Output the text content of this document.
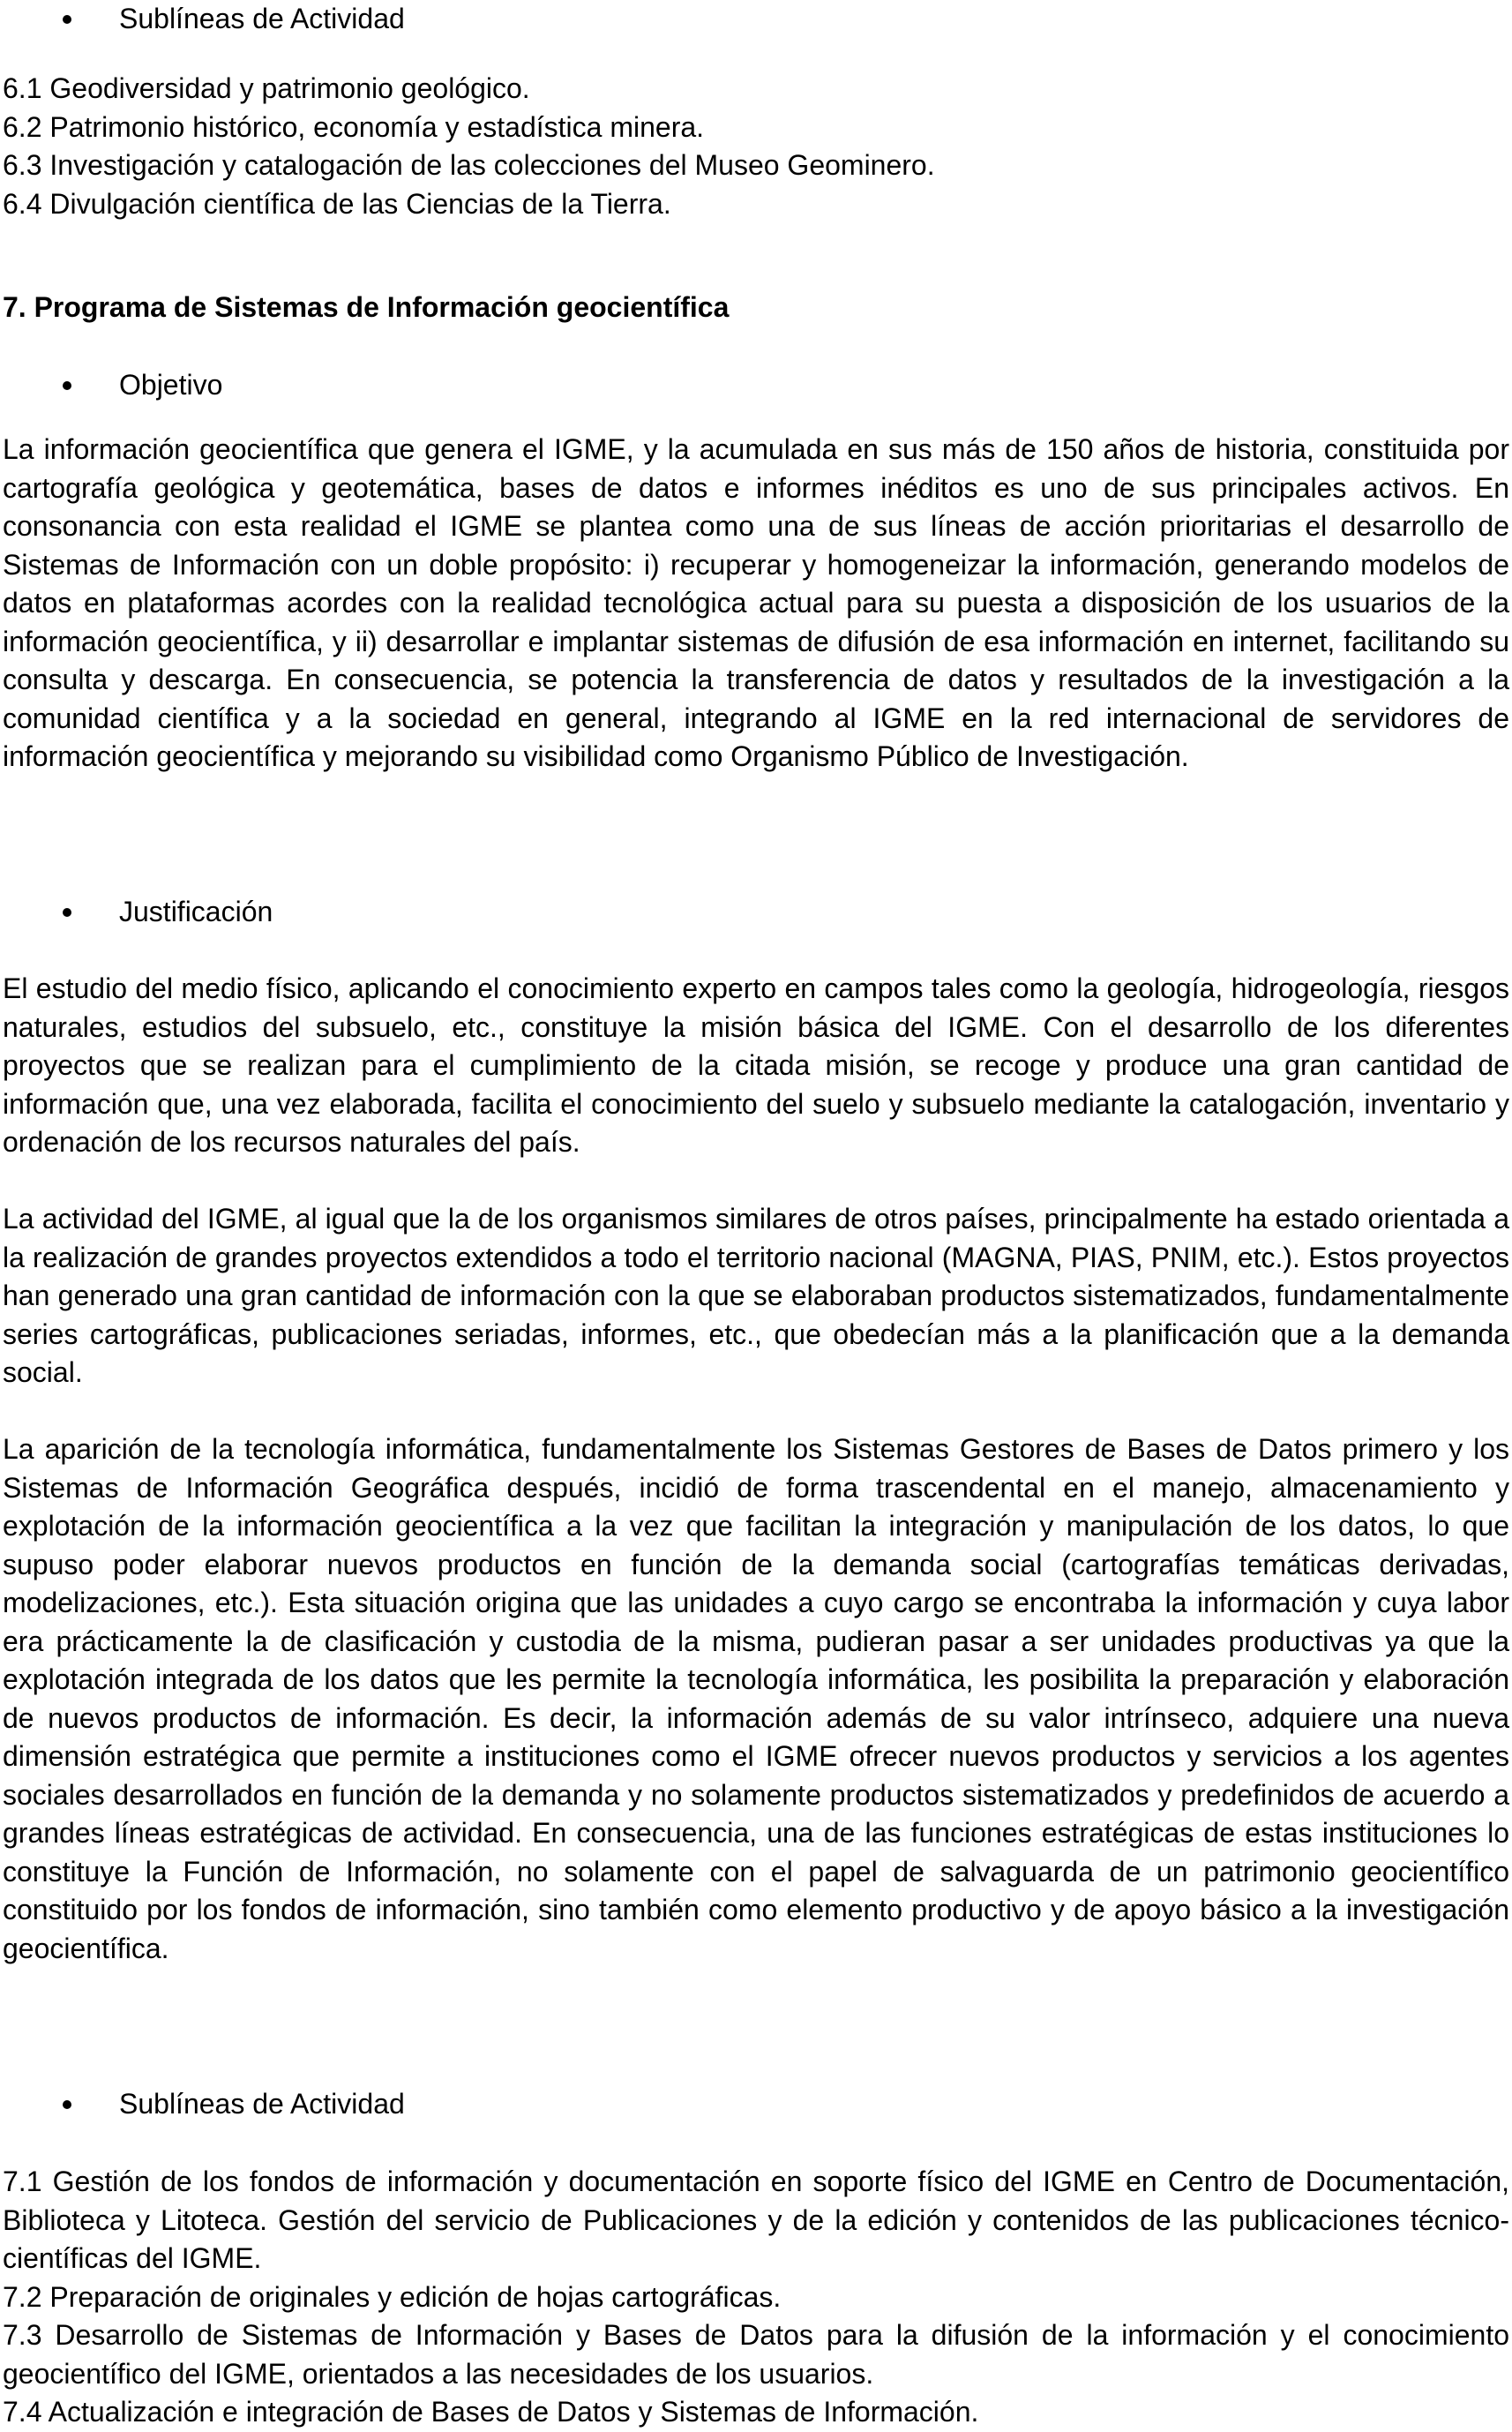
Sublíneas de Actividad
6.1 Geodiversidad y patrimonio geológico.
6.2 Patrimonio histórico, economía y estadística minera.
6.3 Investigación y catalogación de las colecciones del Museo Geominero.
6.4 Divulgación científica de las Ciencias de la Tierra.
7. Programa de Sistemas de Información geocientífica
Objetivo

La información geocientífica que genera el IGME, y la acumulada en sus más de 150 años de historia, constituida por cartografía geológica y geotemática, bases de datos e informes inéditos es uno de sus principales activos. En consonancia con esta realidad el IGME se plantea como una de sus líneas de acción prioritarias el desarrollo de Sistemas de Información con un doble propósito: i) recuperar y homogeneizar la información, generando modelos de datos en plataformas acordes con la realidad tecnológica actual para su puesta a disposición de los usuarios de la información geocientífica, y ii) desarrollar e implantar sistemas de difusión de esa información en internet, facilitando su consulta y descarga. En consecuencia, se potencia la transferencia de datos y resultados de la investigación a la comunidad científica y a la sociedad en general, integrando al IGME en la red internacional de servidores de información geocientífica y mejorando su visibilidad como Organismo Público de Investigación.

Justificación

El estudio del medio físico, aplicando el conocimiento experto en campos tales como la geología, hidrogeología, riesgos naturales, estudios del subsuelo, etc., constituye la misión básica del IGME. Con el desarrollo de los diferentes proyectos que se realizan para el cumplimiento de la citada misión, se recoge y produce una gran cantidad de información que, una vez elaborada, facilita el conocimiento del suelo y subsuelo mediante la catalogación, inventario y ordenación de los recursos naturales del país.

La actividad del IGME, al igual que la de los organismos similares de otros países, principalmente ha estado orientada a la realización de grandes proyectos extendidos a todo el territorio nacional (MAGNA, PIAS, PNIM, etc.). Estos proyectos han generado una gran cantidad de información con la que se elaboraban productos sistematizados, fundamentalmente series cartográficas, publicaciones seriadas, informes, etc., que obedecían más a la planificación que a la demanda social.

La aparición de la tecnología informática, fundamentalmente los Sistemas Gestores de Bases de Datos primero y los Sistemas de Información Geográfica después, incidió de forma trascendental en el manejo, almacenamiento y explotación de la información geocientífica a la vez que facilitan la integración y manipulación de los datos, lo que supuso poder elaborar nuevos productos en función de la demanda social (cartografías temáticas derivadas, modelizaciones, etc.). Esta situación origina que las unidades a cuyo cargo se encontraba la información y cuya labor era prácticamente la de clasificación y custodia de la misma, pudieran pasar a ser unidades productivas ya que la explotación integrada de los datos que les permite la tecnología informática, les posibilita la preparación y elaboración de nuevos productos de información. Es decir, la información además de su valor intrínseco, adquiere una nueva dimensión estratégica que permite a instituciones como el IGME ofrecer nuevos productos y servicios a los agentes sociales desarrollados en función de la demanda y no solamente productos sistematizados y predefinidos de acuerdo a grandes líneas estratégicas de actividad. En consecuencia, una de las funciones estratégicas de estas instituciones lo constituye la Función de Información, no solamente con el papel de salvaguarda de un patrimonio geocientífico constituido por los fondos de información, sino también como elemento productivo y de apoyo básico a la investigación geocientífica.

Sublíneas de Actividad

7.1 Gestión de los fondos de información y documentación en soporte físico del IGME en Centro de Documentación, Biblioteca y Litoteca. Gestión del servicio de Publicaciones y de la edición y contenidos de las publicaciones técnico-científicas del IGME.

7.2 Preparación de originales y edición de hojas cartográficas.

7.3 Desarrollo de Sistemas de Información y Bases de Datos para la difusión de la información y el conocimiento geocientífico del IGME, orientados a las necesidades de los usuarios.

7.4 Actualización e integración de Bases de Datos y Sistemas de Información.
